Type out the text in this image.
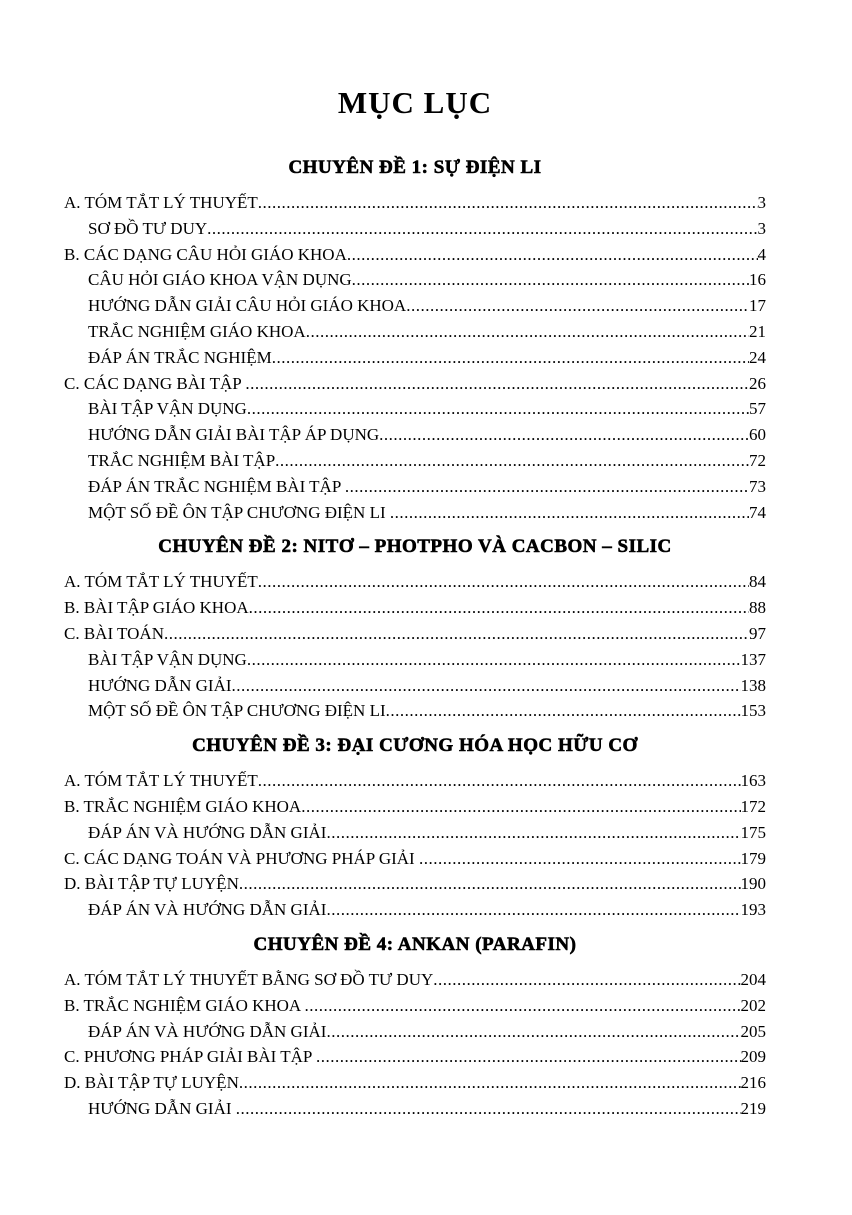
MỤC LỤC
CHUYÊN ĐỀ 1: SỰ ĐIỆN LI
A. TÓM TẮT LÝ THUYẾT .....	3
SƠ ĐỒ TƯ DUY .....	3
B. CÁC DẠNG CÂU HỎI GIÁO KHOA .....	4
CÂU HỎI GIÁO KHOA VẬN DỤNG .....	16
HƯỚNG DẪN GIẢI CÂU HỎI GIÁO KHOA .....	17
TRẮC NGHIỆM GIÁO KHOA .....	21
ĐÁP ÁN TRẮC NGHIỆM .....	24
C. CÁC DẠNG BÀI TẬP .....	26
BÀI TẬP VẬN DỤNG .....	57
HƯỚNG DẪN GIẢI BÀI TẬP ÁP DỤNG .....	60
TRẮC NGHIỆM BÀI TẬP .....	72
ĐÁP ÁN TRẮC NGHIỆM BÀI TẬP .....	73
MỘT SỐ ĐỀ ÔN TẬP CHƯƠNG ĐIỆN LI .....	74
CHUYÊN ĐỀ 2: NITƠ – PHOTPHO VÀ CACBON – SILIC
A. TÓM TẮT LÝ THUYẾT .....	84
B. BÀI TẬP GIÁO KHOA .....	88
C. BÀI TOÁN .....	97
BÀI TẬP VẬN DỤNG .....	137
HƯỚNG DẪN GIẢI .....	138
MỘT SỐ ĐỀ ÔN TẬP CHƯƠNG ĐIỆN LI .....	153
CHUYÊN ĐỀ 3: ĐẠI CƯƠNG HÓA HỌC HỮU CƠ
A. TÓM TẮT LÝ THUYẾT .....	163
B. TRẮC NGHIỆM GIÁO KHOA .....	172
ĐÁP ÁN VÀ HƯỚNG DẪN GIẢI .....	175
C. CÁC DẠNG TOÁN VÀ PHƯƠNG PHÁP GIẢI .....	179
D. BÀI TẬP TỰ LUYỆN .....	190
ĐÁP ÁN VÀ HƯỚNG DẪN GIẢI .....	193
CHUYÊN ĐỀ 4: ANKAN (PARAFIN)
A. TÓM TẮT LÝ THUYẾT BẰNG SƠ ĐỒ TƯ DUY .....	204
B. TRẮC NGHIỆM GIÁO KHOA .....	202
ĐÁP ÁN VÀ HƯỚNG DẪN GIẢI .....	205
C. PHƯƠNG PHÁP GIẢI BÀI TẬP .....	209
D. BÀI TẬP TỰ LUYỆN .....	216
HƯỚNG DẪN GIẢI .....	219
